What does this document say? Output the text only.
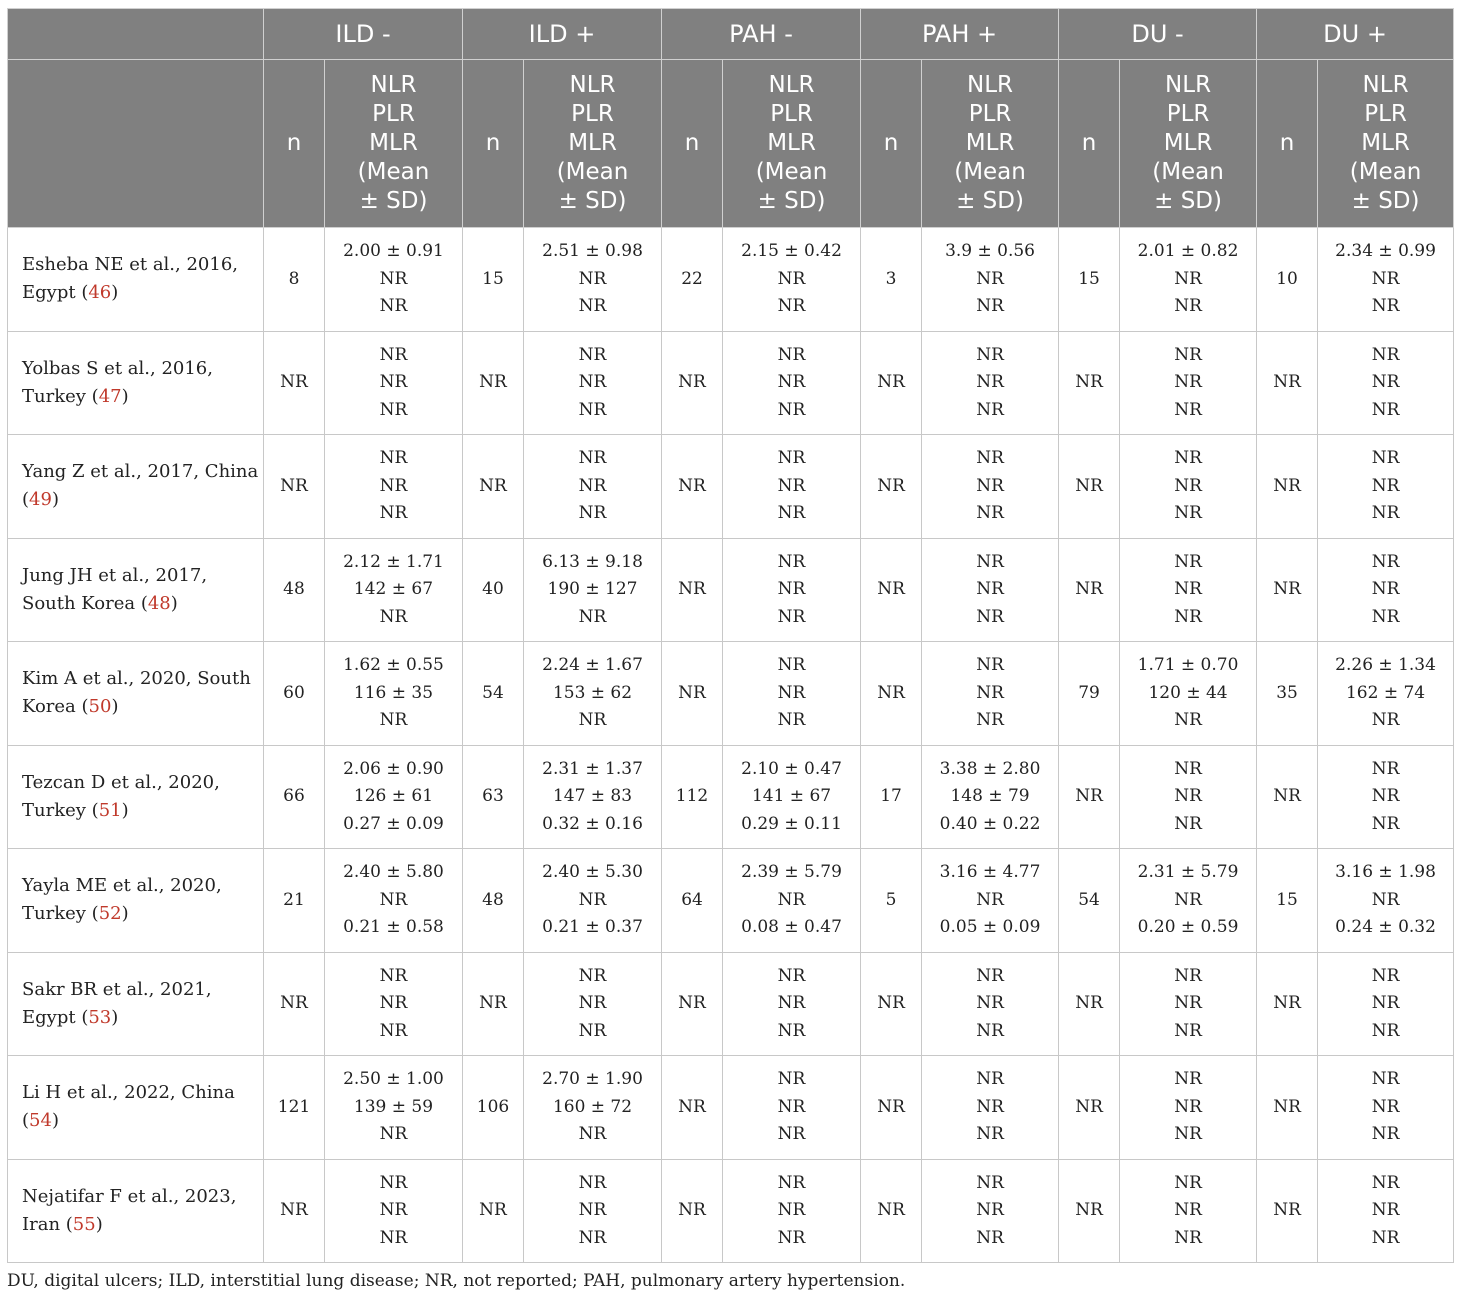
	ILD -		ILD +		PAH -		PAH +		DU -		DU +	
	n	NLR
PLR
MLR
(Mean
± SD)	n	NLR
PLR
MLR
(Mean
± SD)	n	NLR
PLR
MLR
(Mean
± SD)	n	NLR
PLR
MLR
(Mean
± SD)	n	NLR
PLR
MLR
(Mean
± SD)	n	NLR
PLR
MLR
(Mean
± SD)

Esheba NE et al., 2016, Egypt (46)	8	2.00 ± 0.91
NR
NR	15	2.51 ± 0.98
NR
NR	22	2.15 ± 0.42
NR
NR	3	3.9 ± 0.56
NR
NR	15	2.01 ± 0.82
NR
NR	10	2.34 ± 0.99
NR
NR

Yolbas S et al., 2016, Turkey (47)	NR	NR
NR
NR	NR	NR
NR
NR	NR	NR
NR
NR	NR	NR
NR
NR	NR	NR
NR
NR	NR	NR
NR
NR

Yang Z et al., 2017, China (49)	NR	NR
NR
NR	NR	NR
NR
NR	NR	NR
NR
NR	NR	NR
NR
NR	NR	NR
NR
NR	NR	NR
NR
NR

Jung JH et al., 2017, South Korea (48)	48	2.12 ± 1.71
142 ± 67
NR	40	6.13 ± 9.18
190 ± 127
NR	NR	NR
NR
NR	NR	NR
NR
NR	NR	NR
NR
NR	NR	NR
NR
NR

Kim A et al., 2020, South Korea (50)	60	1.62 ± 0.55
116 ± 35
NR	54	2.24 ± 1.67
153 ± 62
NR	NR	NR
NR
NR	NR	NR
NR
NR	79	1.71 ± 0.70
120 ± 44
NR	35	2.26 ± 1.34
162 ± 74
NR

Tezcan D et al., 2020, Turkey (51)	66	2.06 ± 0.90
126 ± 61
0.27 ± 0.09	63	2.31 ± 1.37
147 ± 83
0.32 ± 0.16	112	2.10 ± 0.47
141 ± 67
0.29 ± 0.11	17	3.38 ± 2.80
148 ± 79
0.40 ± 0.22	NR	NR
NR
NR	NR	NR
NR
NR

Yayla ME et al., 2020, Turkey (52)	21	2.40 ± 5.80
NR
0.21 ± 0.58	48	2.40 ± 5.30
NR
0.21 ± 0.37	64	2.39 ± 5.79
NR
0.08 ± 0.47	5	3.16 ± 4.77
NR
0.05 ± 0.09	54	2.31 ± 5.79
NR
0.20 ± 0.59	15	3.16 ± 1.98
NR
0.24 ± 0.32

Sakr BR et al., 2021, Egypt (53)	NR	NR
NR
NR	NR	NR
NR
NR	NR	NR
NR
NR	NR	NR
NR
NR	NR	NR
NR
NR	NR	NR
NR
NR

Li H et al., 2022, China (54)	121	2.50 ± 1.00
139 ± 59
NR	106	2.70 ± 1.90
160 ± 72
NR	NR	NR
NR
NR	NR	NR
NR
NR	NR	NR
NR
NR	NR	NR
NR
NR

Nejatifar F et al., 2023, Iran (55)	NR	NR
NR
NR	NR	NR
NR
NR	NR	NR
NR
NR	NR	NR
NR
NR	NR	NR
NR
NR	NR	NR
NR
NR
DU, digital ulcers; ILD, interstitial lung disease; NR, not reported; PAH, pulmonary artery hypertension.
